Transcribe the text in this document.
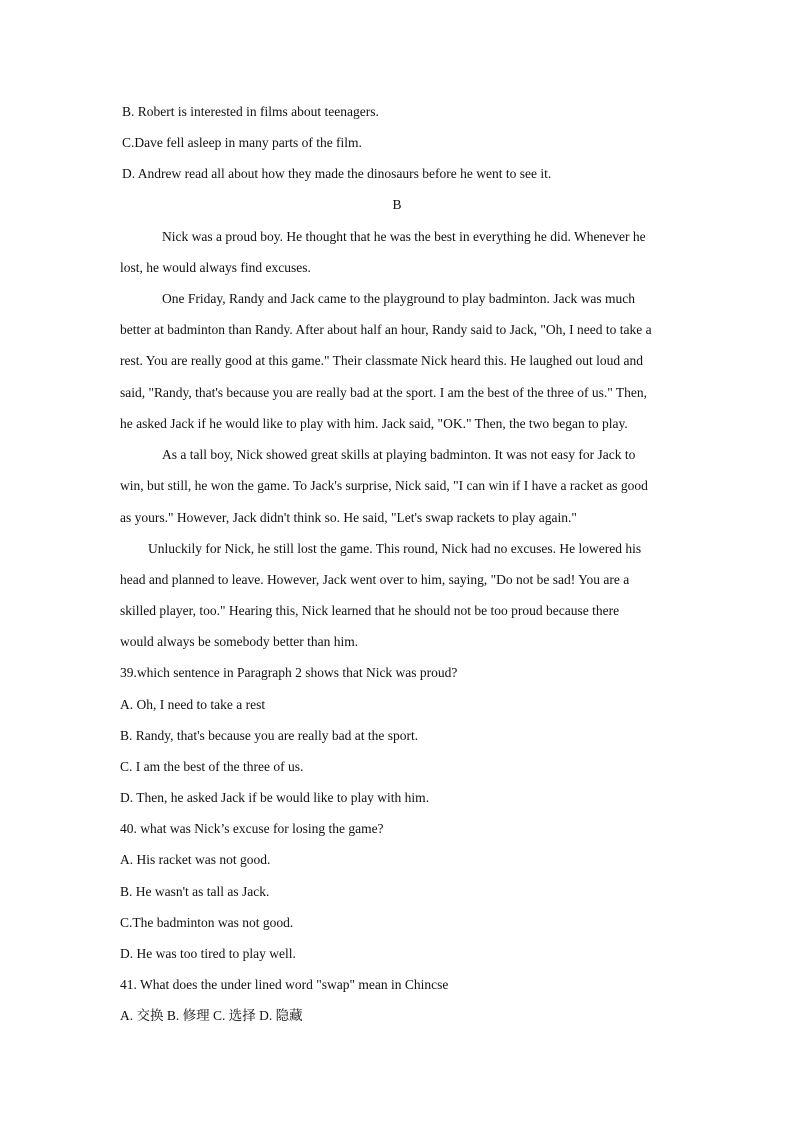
B. Robert is interested in films about teenagers.
C.Dave fell asleep in many parts of the film.
D. Andrew read all about how they made the dinosaurs before he went to see it.
B
Nick was a proud boy. He thought that he was the best in everything he did. Whenever he
lost, he would always find excuses.
One Friday, Randy and Jack came to the playground to play badminton. Jack was much
better at badminton than Randy. After about half an hour, Randy said to Jack, "Oh, I need to take a
rest. You are really good at this game." Their classmate Nick heard this. He laughed out loud and
said, "Randy, that's because you are really bad at the sport. I am the best of the three of us." Then,
he asked Jack if he would like to play with him. Jack said, "OK." Then, the two began to play.
As a tall boy, Nick showed great skills at playing badminton. It was not easy for Jack to
win, but still, he won the game. To Jack's surprise, Nick said, "I can win if I have a racket as good
as yours." However, Jack didn't think so. He said, "Let's swap rackets to play again."
Unluckily for Nick, he still lost the game. This round, Nick had no excuses. He lowered his
head and planned to leave. However, Jack went over to him, saying, "Do not be sad! You are a
skilled player, too." Hearing this, Nick learned that he should not be too proud because there
would always be somebody better than him.
39.which sentence in Paragraph 2 shows that Nick was proud?
A. Oh, I need to take a rest
B. Randy, that's because you are really bad at the sport.
C. I am the best of the three of us.
D. Then, he asked Jack if be would like to play with him.
40. what was Nick’s excuse for losing the game?
A. His racket was not good.
B. He wasn't as tall as Jack.
C.The badminton was not good.
D. He was too tired to play well.
41. What does the under lined word "swap" mean in Chincse
A. 交换 B. 修理 C. 选择 D. 隐藏
